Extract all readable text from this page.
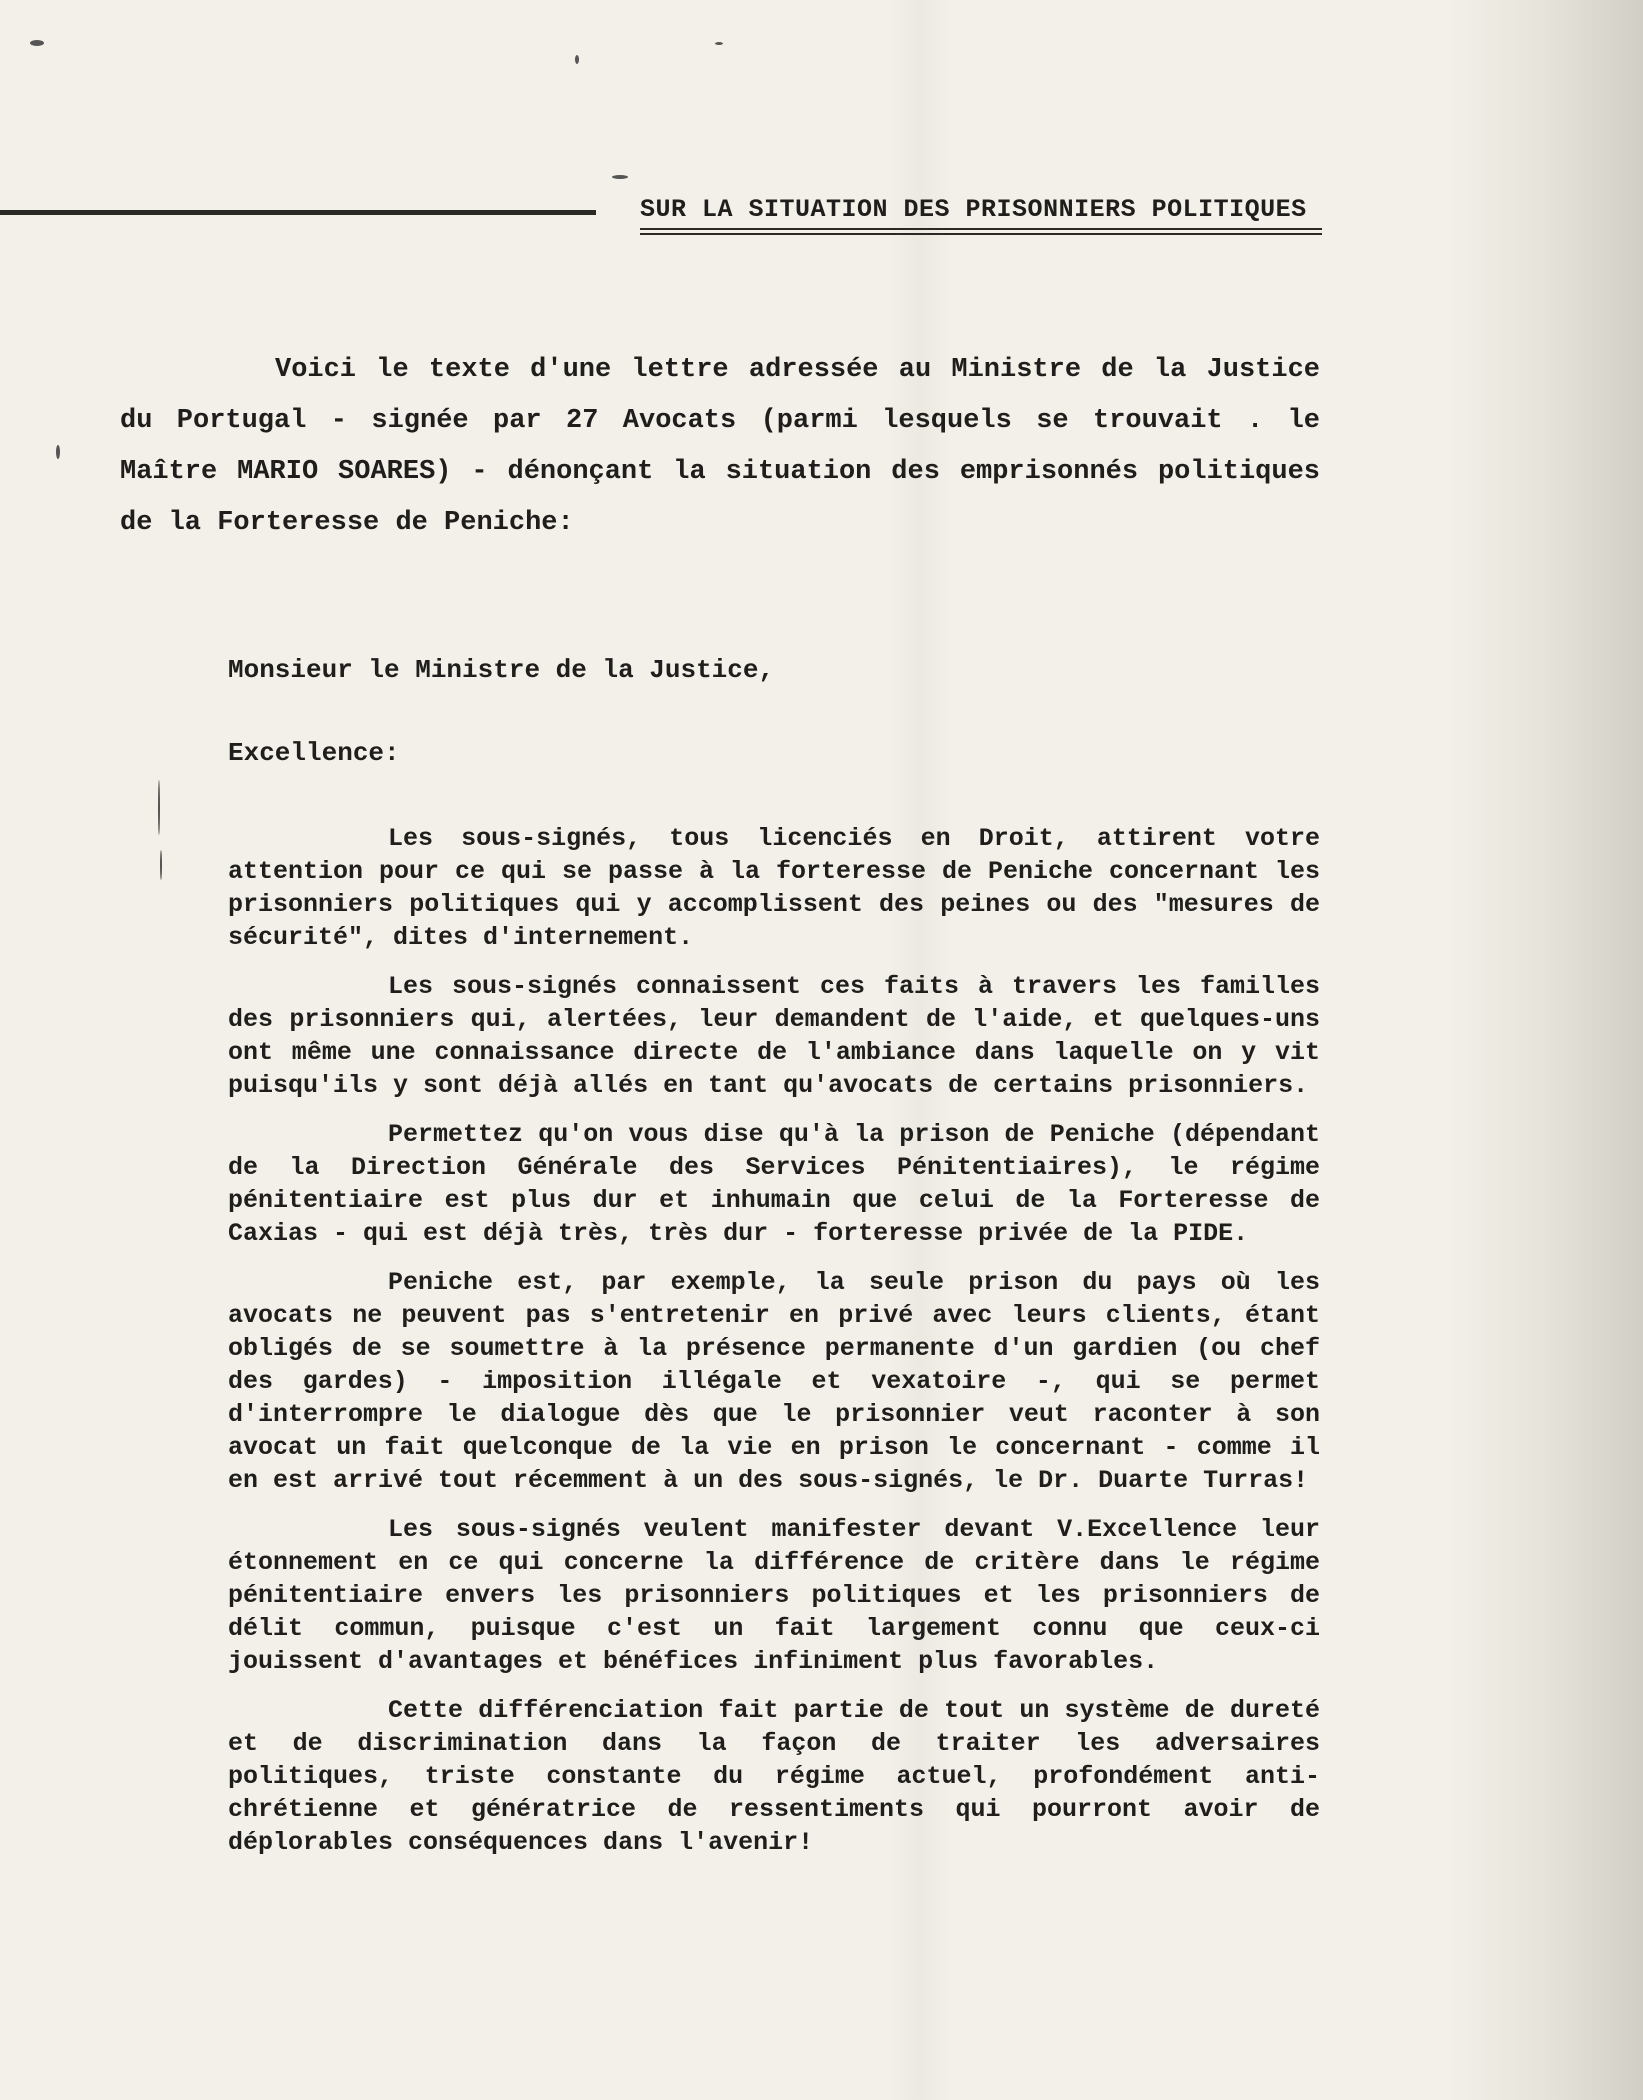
SUR LA SITUATION DES PRISONNIERS POLITIQUES

Voici le texte d'une lettre adressée au Ministre de la Justice du Portugal - signée par 27 Avocats (parmi lesquels se trouvait . le Maître MARIO SOARES) - dénonçant la situation des emprisonnés politiques de la Forteresse de Peniche:

Monsieur le Ministre de la Justice,

Excellence:

Les sous-signés, tous licenciés en Droit, attirent votre attention pour ce qui se passe à la forteresse de Peniche concernant les prisonniers politiques qui y accomplissent des peines ou des "mesures de sécurité", dites d'internement.

Les sous-signés connaissent ces faits à travers les familles des prisonniers qui, alertées, leur demandent de l'aide, et quelques-uns ont même une connaissance directe de l'ambiance dans laquelle on y vit puisqu'ils y sont déjà allés en tant qu'avocats de certains prisonniers.

Permettez qu'on vous dise qu'à la prison de Peniche (dépendant de la Direction Générale des Services Pénitentiaires), le régime pénitentiaire est plus dur et inhumain que celui de la Forteresse de Caxias - qui est déjà très, très dur - forteresse privée de la PIDE.

Peniche est, par exemple, la seule prison du pays où les avocats ne peuvent pas s'entretenir en privé avec leurs clients, étant obligés de se soumettre à la présence permanente d'un gardien (ou chef des gardes) - imposition illégale et vexatoire -, qui se permet d'interrompre le dialogue dès que le prisonnier veut raconter à son avocat un fait quelconque de la vie en prison le concernant - comme il en est arrivé tout récemment à un des sous-signés, le Dr. Duarte Turras!

Les sous-signés veulent manifester devant V.Excellence leur étonnement en ce qui concerne la différence de critère dans le régime pénitentiaire envers les prisonniers politiques et les prisonniers de délit commun, puisque c'est un fait largement connu que ceux-ci jouissent d'avantages et bénéfices infiniment plus favorables.

Cette différenciation fait partie de tout un système de dureté et de discrimination dans la façon de traiter les adversaires politiques, triste constante du régime actuel, profondément anti-chrétienne et génératrice de ressentiments qui pourront avoir de déplorables conséquences dans l'avenir!
